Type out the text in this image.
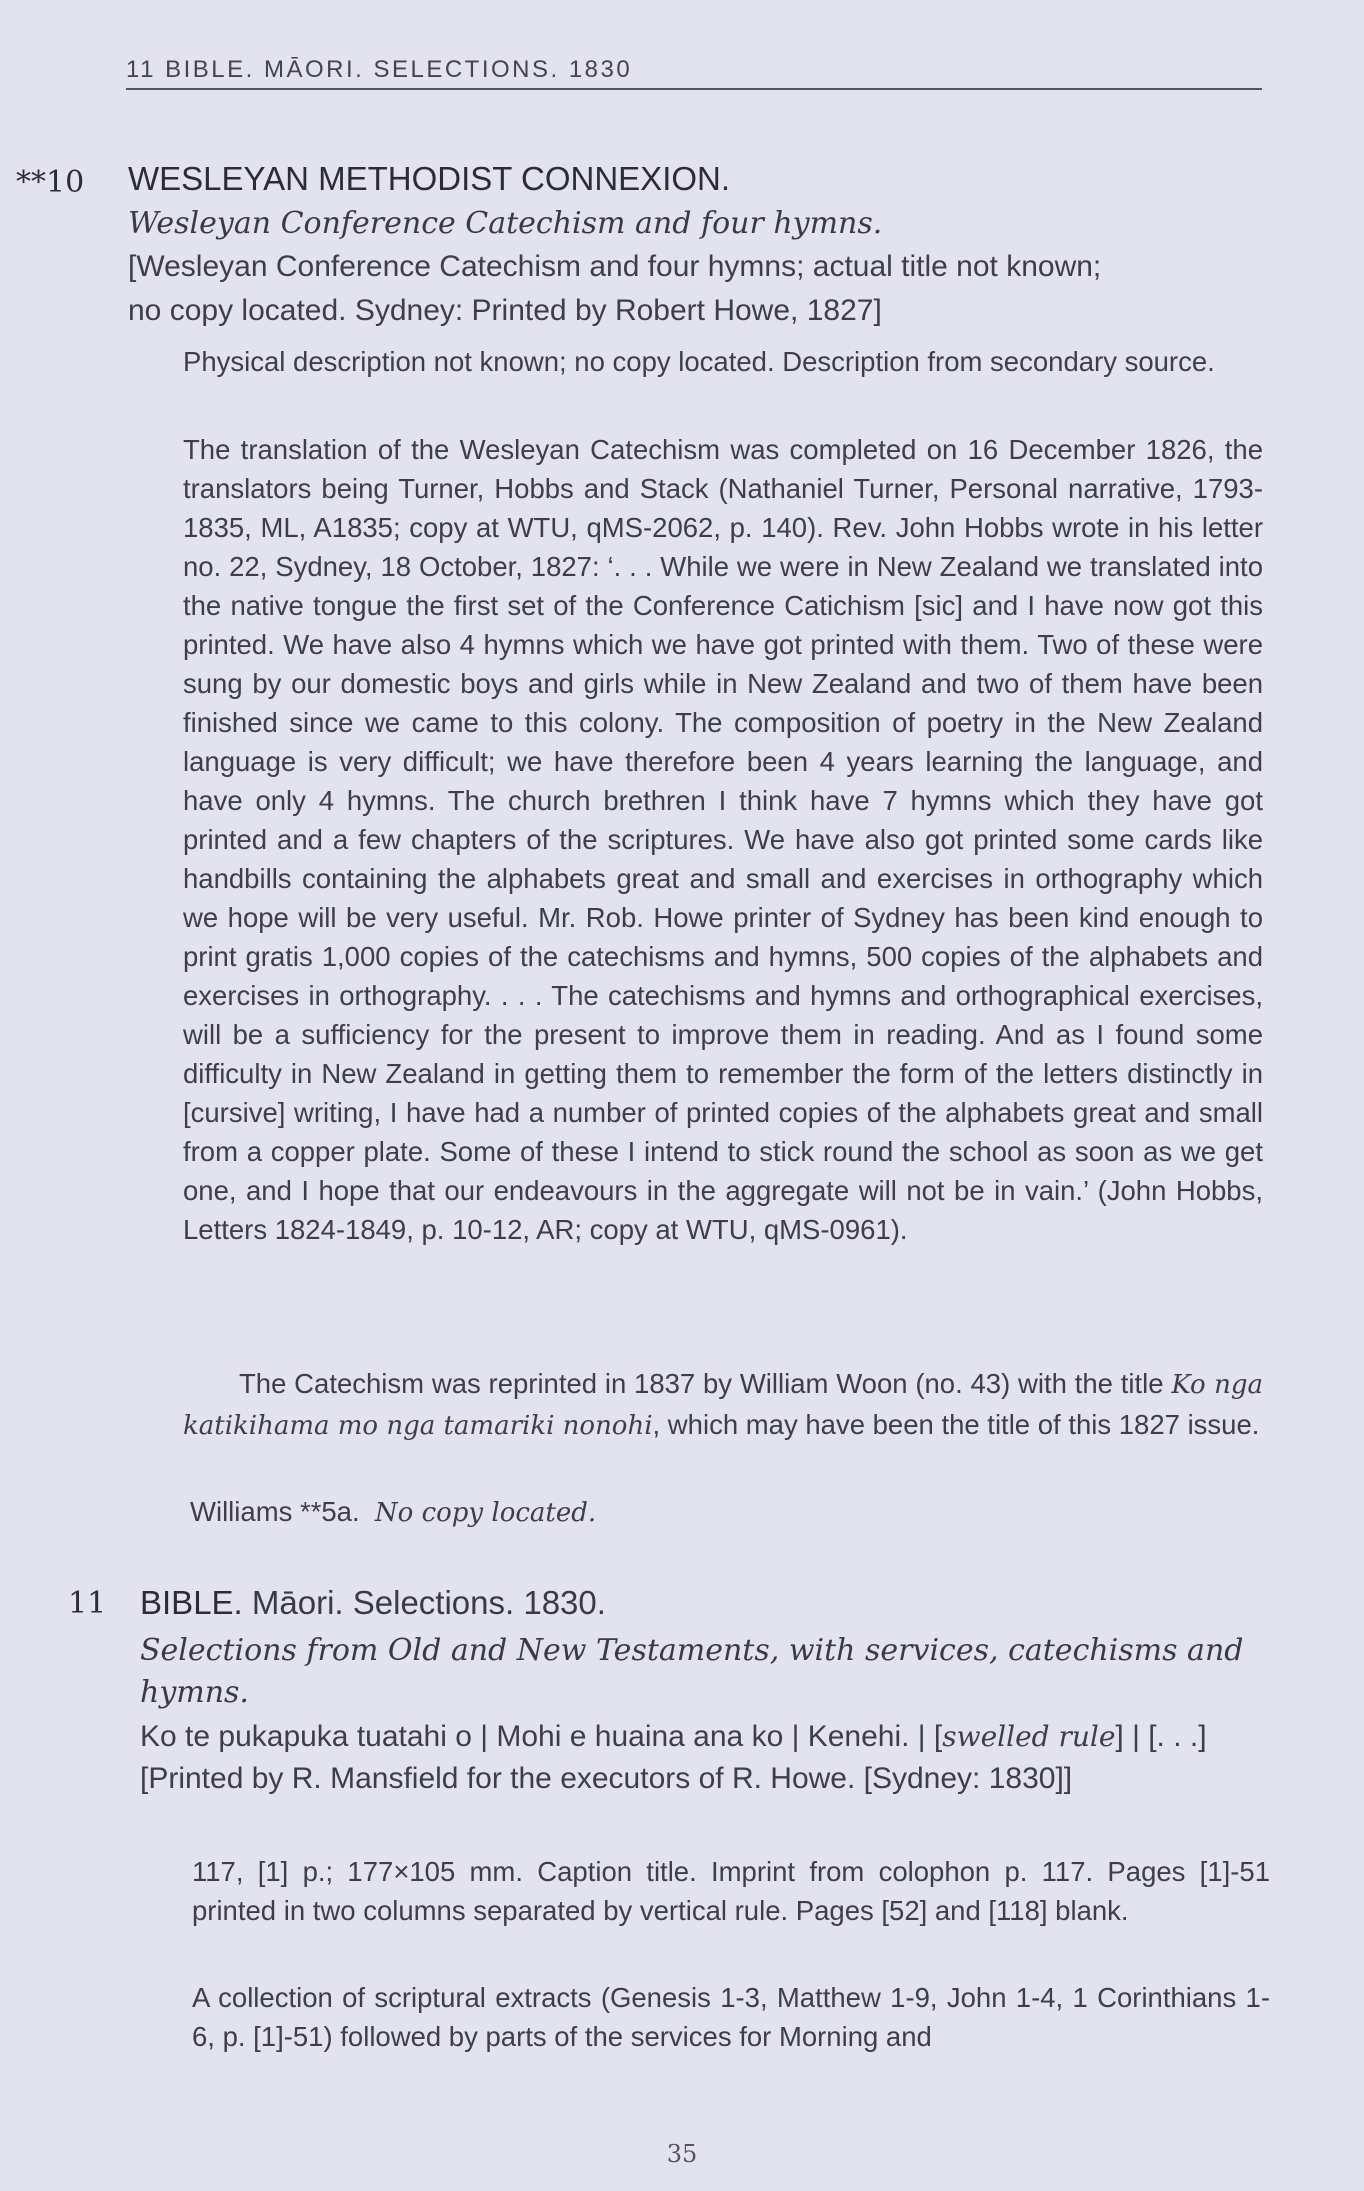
11 BIBLE. MĀORI. SELECTIONS. 1830
**10 WESLEYAN METHODIST CONNEXION.
Wesleyan Conference Catechism and four hymns.
[Wesleyan Conference Catechism and four hymns; actual title not known;
no copy located. Sydney: Printed by Robert Howe, 1827]
Physical description not known; no copy located. Description from secondary source.
The translation of the Wesleyan Catechism was completed on 16 December 1826, the translators being Turner, Hobbs and Stack (Nathaniel Turner, Personal narrative, 1793-1835, ML, A1835; copy at WTU, qMS-2062, p. 140). Rev. John Hobbs wrote in his letter no. 22, Sydney, 18 October, 1827: ‘. . . While we were in New Zealand we translated into the native tongue the first set of the Conference Catichism [sic] and I have now got this printed. We have also 4 hymns which we have got printed with them. Two of these were sung by our domestic boys and girls while in New Zealand and two of them have been finished since we came to this colony. The composition of poetry in the New Zealand language is very difficult; we have therefore been 4 years learning the language, and have only 4 hymns. The church brethren I think have 7 hymns which they have got printed and a few chapters of the scriptures. We have also got printed some cards like handbills containing the alphabets great and small and exercises in orthography which we hope will be very useful. Mr. Rob. Howe printer of Sydney has been kind enough to print gratis 1,000 copies of the catechisms and hymns, 500 copies of the alphabets and exercises in orthography. . . . The catechisms and hymns and orthographical exercises, will be a sufficiency for the present to improve them in reading. And as I found some difficulty in New Zealand in getting them to remember the form of the letters distinctly in [cursive] writing, I have had a number of printed copies of the alphabets great and small from a copper plate. Some of these I intend to stick round the school as soon as we get one, and I hope that our endeavours in the aggregate will not be in vain.’ (John Hobbs, Letters 1824-1849, p. 10-12, AR; copy at WTU, qMS-0961).
The Catechism was reprinted in 1837 by William Woon (no. 43) with the title Ko nga katikihama mo nga tamariki nonohi, which may have been the title of this 1827 issue.
Williams **5a. No copy located.
11 BIBLE. Māori. Selections. 1830.
Selections from Old and New Testaments, with services, catechisms and hymns.
Ko te pukapuka tuatahi o | Mohi e huaina ana ko | Kenehi. | [swelled rule] | [. . .] [Printed by R. Mansfield for the executors of R. Howe. [Sydney: 1830]]
117, [1] p.; 177×105 mm. Caption title. Imprint from colophon p. 117. Pages [1]-51 printed in two columns separated by vertical rule. Pages [52] and [118] blank.
A collection of scriptural extracts (Genesis 1-3, Matthew 1-9, John 1-4, 1 Corinthians 1-6, p. [1]-51) followed by parts of the services for Morning and
35
